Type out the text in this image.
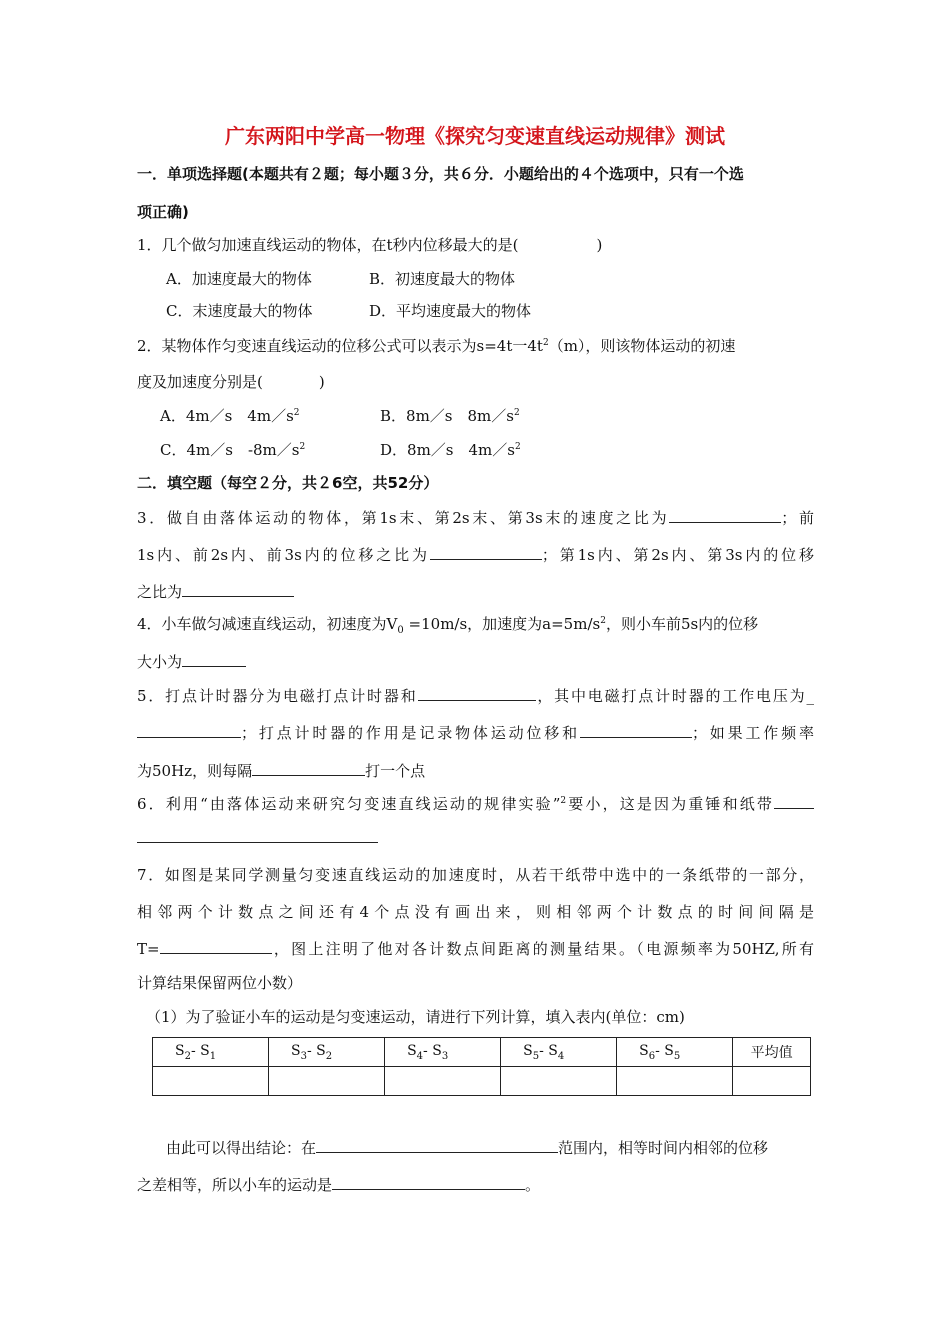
广东两阳中学高一物理《探究匀变速直线运动规律》测试
一．单项选择题(本题共有２题；每小题３分，共６分．小题给出的４个选项中，只有一个选
项正确)
1．几个做匀加速直线运动的物体，在t秒内位移最大的是(	)
A．加速度最大的物体	B．初速度最大的物体
C．末速度最大的物体	D．平均速度最大的物体
2．某物体作匀变速直线运动的位移公式可以表示为s=4t一$4t^2(m)$，则该物体运动的初速
度及加速度分别是(	)
A．4m／s　$4m/s^2$	B．8m／s　$8m/s^2$
C．4m／s　$-8m/s^2$	D．8m／s　$4m/s^2$
二．填空题（每空２分，共２6空，共52分）
3．做自由落体运动的物体，第1s末、第2s末、第3s末的速度之比为	；前
1s内、前2s内、前3s内的位移之比为	；第1s内、第2s内、第3s内的位移
之比为
4．小车做匀减速直线运动，初速度为$V_0 =10m/s$，加速度为$a=5m/s^2$，则小车前5s内的位移
大小为
5．打点计时器分为电磁打点计时器和	，其中电磁打点计时器的工作电压为_
；打点计时器的作用是记录物体运动位移和	；如果工作频率
为50Hz，则每隔	打一个点
6．利用“由落体运动来研究匀变速直线运动的规律实验”$^2$要小，这是因为重锤和纸带
7．如图是某同学测量匀变速直线运动的加速度时，从若干纸带中选中的一条纸带的一部分，
相邻两个计数点之间还有4个点没有画出来，则相邻两个计数点的时间间隔是
T=	，图上注明了他对各计数点间距离的测量结果。（电源频率为50HZ,所有
计算结果保留两位小数）
（1）为了验证小车的运动是匀变速运动，请进行下列计算，填入表内(单位：cm)
$S_2-$ $S_1$	$S_3-$ $S_2$	$S_4-$ $S_3$	$S_5-$ $S_4$	$S_6-$ $S_5$	平均值

由此可以得出结论：在	范围内，相等时间内相邻的位移
之差相等，所以小车的运动是	。
